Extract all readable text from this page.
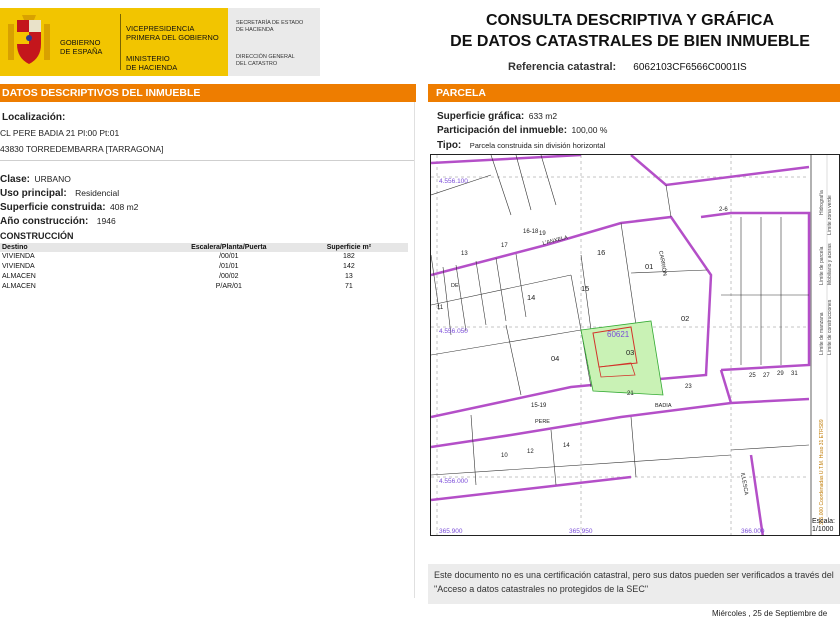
GOBIERNO
DE ESPAÑA
VICEPRESIDENCIA
PRIMERA DEL GOBIERNO
MINISTERIO
DE HACIENDA
SECRETARÍA DE ESTADO
DE HACIENDA
DIRECCIÓN GENERAL
DEL CATASTRO
CONSULTA DESCRIPTIVA Y GRÁFICA
DE DATOS CATASTRALES DE BIEN INMUEBLE
Referencia catastral: 6062103CF6566C0001IS
DATOS DESCRIPTIVOS DEL INMUEBLE
Localización:
CL PERE BADIA 21 Pl:00 Pt:01
43830 TORREDEMBARRA [TARRAGONA]
Clase: URBANO
Uso principal: Residencial
Superficie construida: 408 m2
Año construcción: 1946
CONSTRUCCIÓN
Destino	Escalera/Planta/Puerta	Superficie m²
VIVIENDA	/00/01	182
VIVIENDA	/01/01	142
ALMACEN	/00/02	13
ALMACEN	P/AR/01	71
PARCELA
Superficie gráfica: 633 m2
Participación del inmueble: 100,00 %
Tipo: Parcela construida sin división horizontal
60621
4.556.100
4.556.050
4.556.000
365.900	365.950	366.000
03
02
04
01
14
15
16
21
23
25 27 29 31
2-6
15-19
16-18
10
12
14
11
13
17
19
L'ANXELA
CARRIÓN
BADIA
PERE
ILLESCA
DE
Límite de manzana
Límite de parcela
Límite de construcciones
Mobiliario y aceras
Límite zona verde
Hidrografía
365.000 Coordenadas U.T.M. Huso 31 ETRS89
Escala:
1/1000
Este documento no es una certificación catastral, pero sus datos pueden ser verificados a través del "Acceso a datos catastrales no protegidos de la SEC"
Miércoles , 25 de Septiembre de
